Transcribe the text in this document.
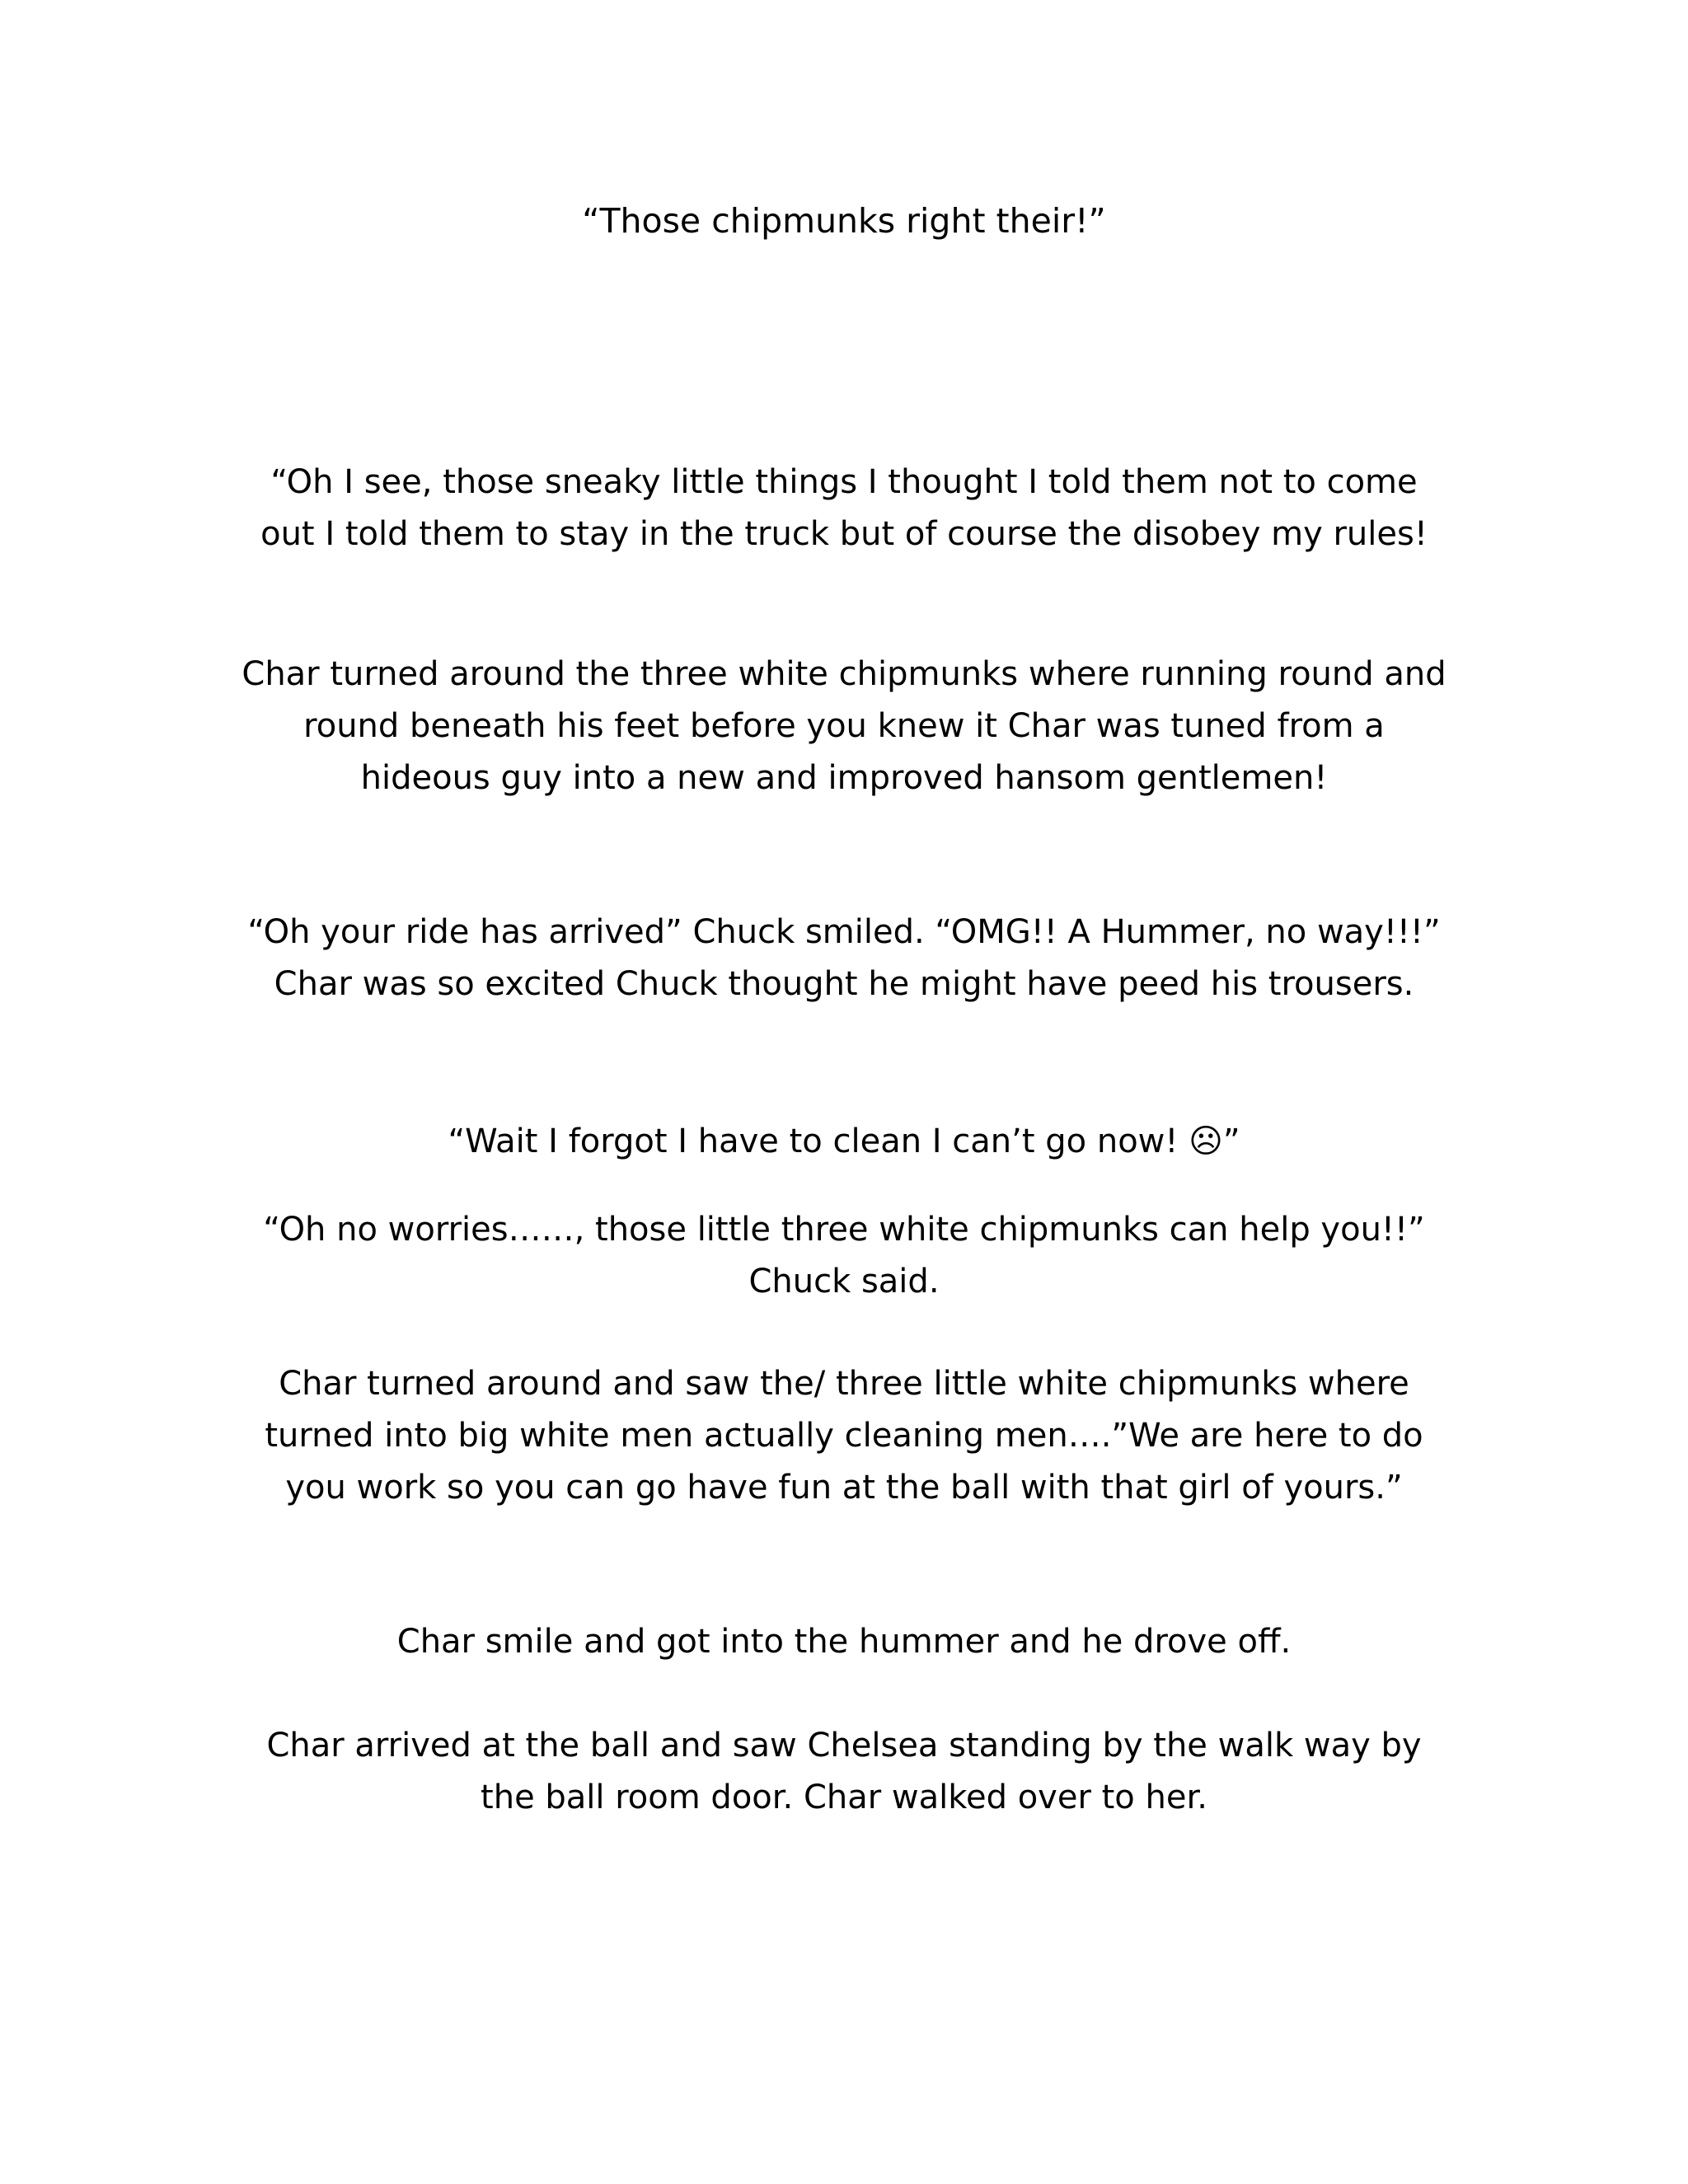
“Those chipmunks right their!”

“Oh I see, those sneaky little things I thought I told them not to come out I told them to stay in the truck but of course the disobey my rules!

Char turned around the three white chipmunks where running round and round beneath his feet before you knew it Char was tuned from a hideous guy into a new and improved hansom gentlemen!

“Oh your ride has arrived” Chuck smiled. “OMG!! A Hummer, no way!!!” Char was so excited Chuck thought he might have peed his trousers.

“Wait I forgot I have to clean I can’t go now! ☹”

“Oh no worries……, those little three white chipmunks can help you!!” Chuck said.

Char turned around and saw the/ three little white chipmunks where turned into big white men actually cleaning men….”We are here to do you work so you can go have fun at the ball with that girl of yours.”

Char smile and got into the hummer and he drove off.

Char arrived at the ball and saw Chelsea standing by the walk way by the ball room door. Char walked over to her.
